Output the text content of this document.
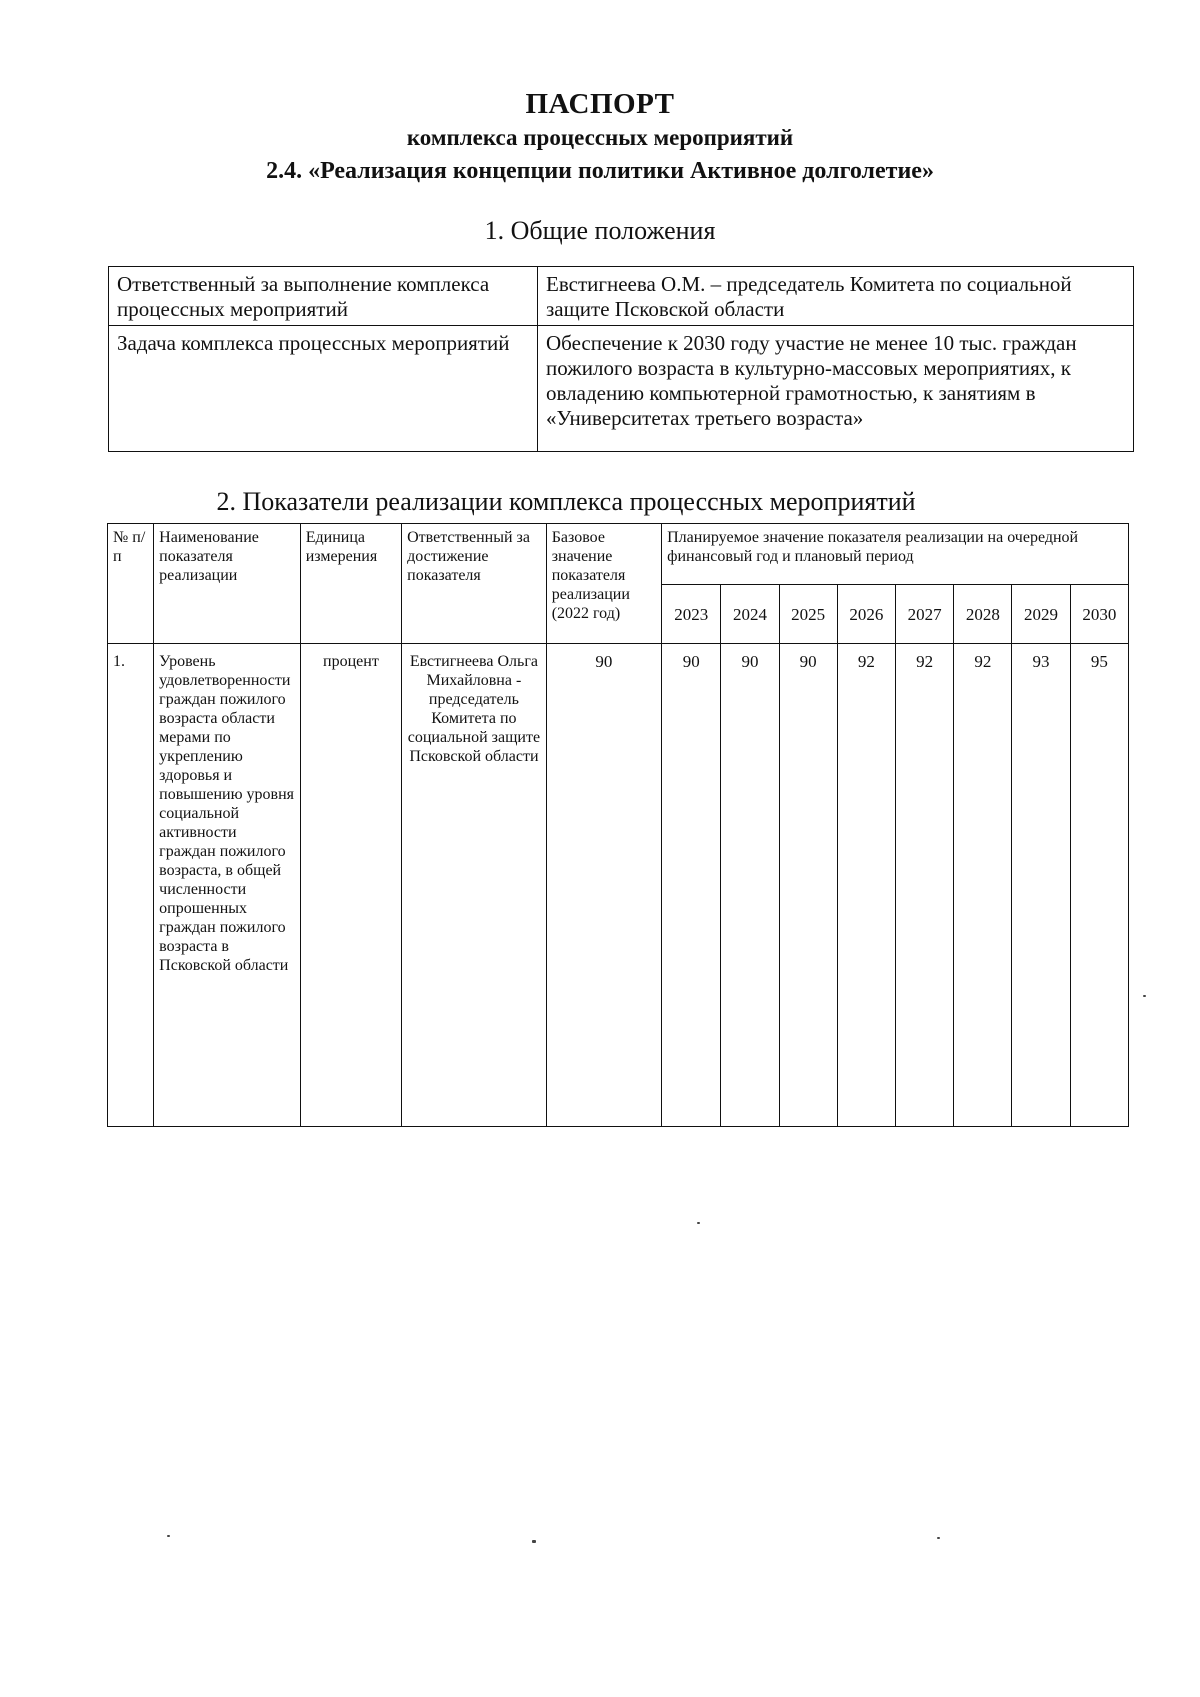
ПАСПОРТ
комплекса процессных мероприятий
2.4. «Реализация концепции политики Активное долголетие»
1. Общие положения
Ответственный за выполнение комплекса процессных мероприятий	Евстигнеева О.М. – председатель Комитета по социальной защите Псковской области
Задача комплекса процессных мероприятий	Обеспечение к 2030 году участие не менее 10 тыс. граждан пожилого возраста в культурно-массовых мероприятиях, к овладению компьютерной грамотностью, к занятиям в «Университетах третьего возраста»
2. Показатели реализации комплекса процессных мероприятий
№ п/п	Наименование показателя реализации	Единица измерения	Ответственный за достижение показателя	Базовое значение показателя реализации (2022 год)	Планируемое значение показателя реализации на очередной финансовый год и плановый период							
					2023	2024	2025	2026	2027	2028	2029	2030
1.	Уровень удовлетворенности граждан пожилого возраста области мерами по укреплению здоровья и повышению уровня социальной активности граждан пожилого возраста, в общей численности опрошенных граждан пожилого возраста в Псковской области	процент	Евстигнеева Ольга Михайловна - председатель Комитета по социальной защите Псковской области	90	90	90	90	92	92	92	93	95
